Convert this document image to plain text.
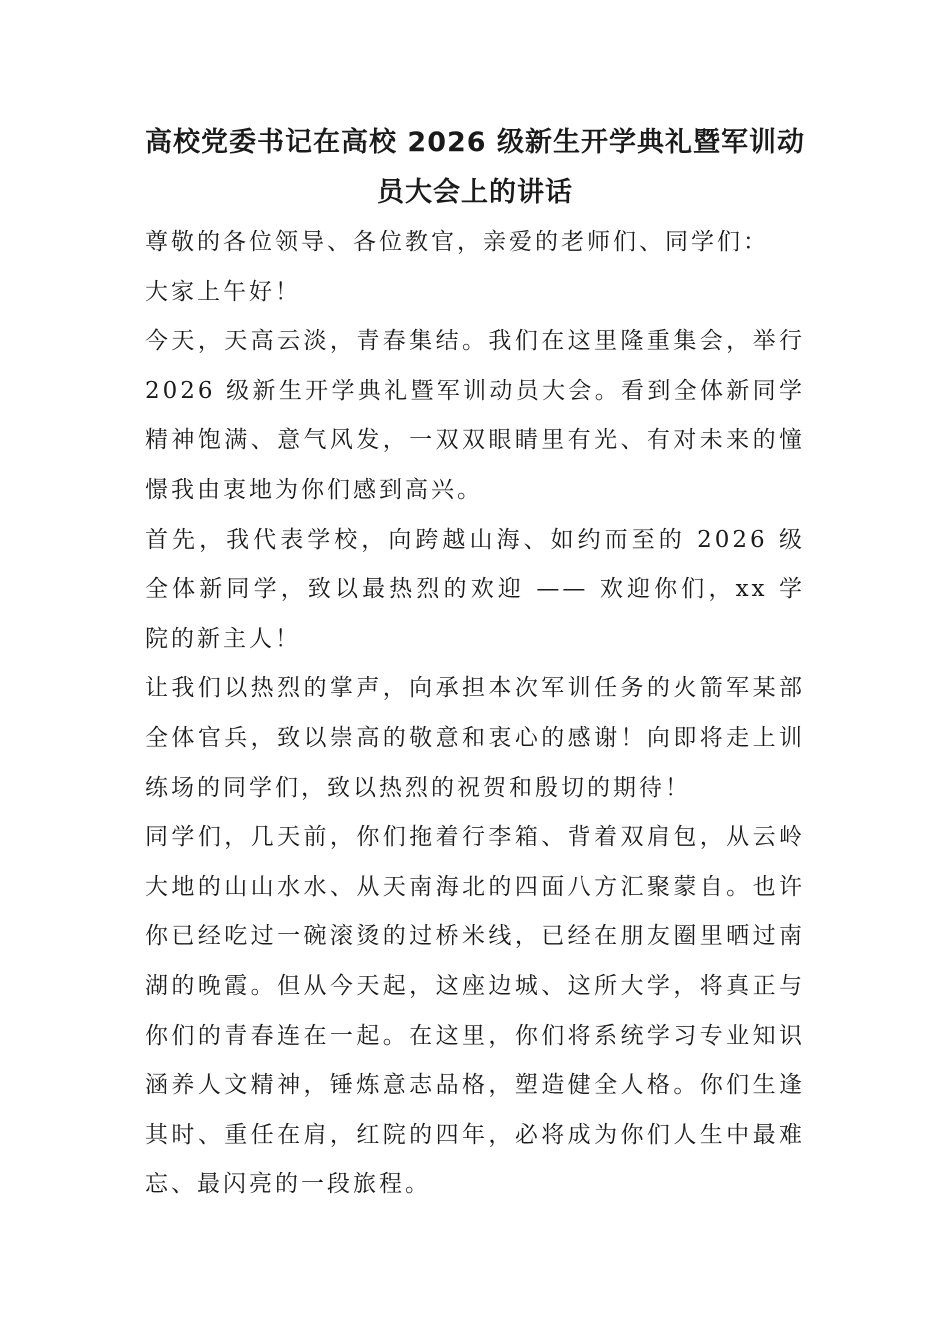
高校党委书记在高校 2026 级新生开学典礼暨军训动
员大会上的讲话

尊敬的各位领导、各位教官，亲爱的老师们、同学们：

大家上午好！

今天，天高云淡，青春集结。我们在这里隆重集会，举行 2026 级新生开学典礼暨军训动员大会。看到全体新同学精神饱满、意气风发，一双双眼睛里有光、有对未来的憧憬我由衷地为你们感到高兴。

首先，我代表学校，向跨越山海、如约而至的 2026 级全体新同学，致以最热烈的欢迎 —— 欢迎你们，xx 学院的新主人！

让我们以热烈的掌声，向承担本次军训任务的火箭军某部全体官兵，致以崇高的敬意和衷心的感谢！向即将走上训练场的同学们，致以热烈的祝贺和殷切的期待！

同学们，几天前，你们拖着行李箱、背着双肩包，从云岭大地的山山水水、从天南海北的四面八方汇聚蒙自。也许你已经吃过一碗滚烫的过桥米线，已经在朋友圈里晒过南湖的晚霞。但从今天起，这座边城、这所大学，将真正与你们的青春连在一起。在这里，你们将系统学习专业知识涵养人文精神，锤炼意志品格，塑造健全人格。你们生逢其时、重任在肩，红院的四年，必将成为你们人生中最难忘、最闪亮的一段旅程。
